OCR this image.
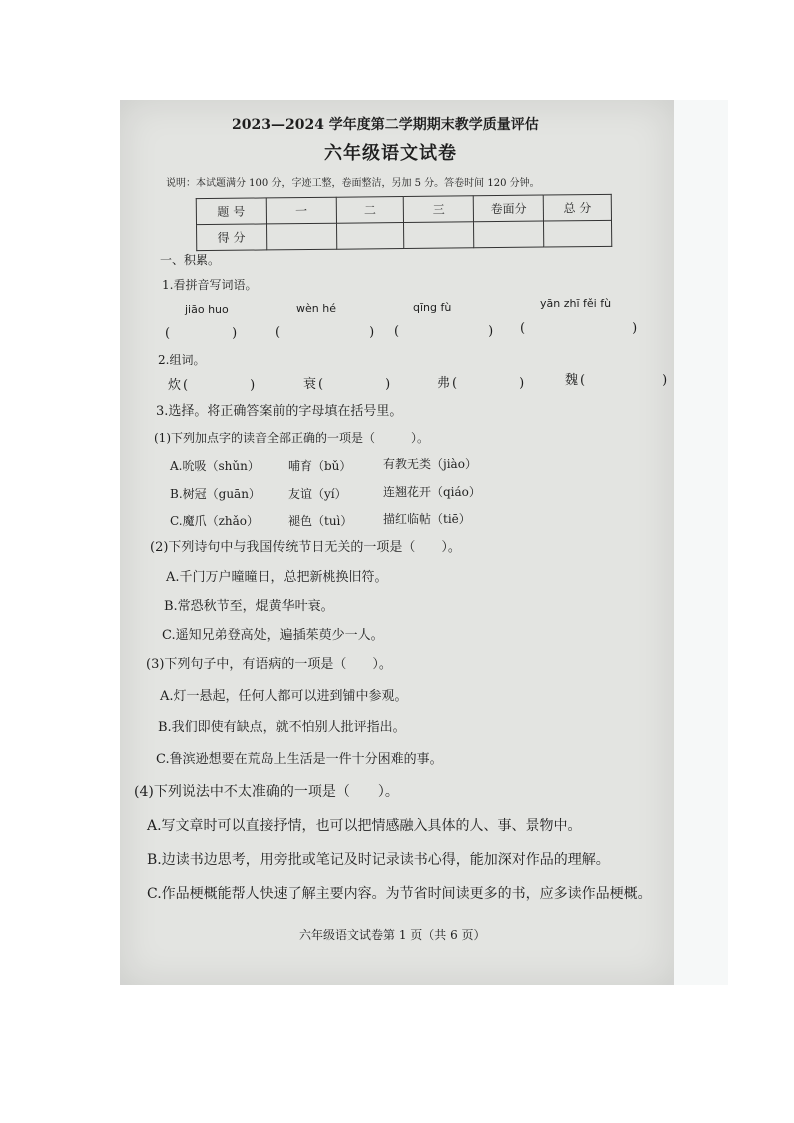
2023—2024 学年度第二学期期末教学质量评估
六年级语文试卷
说明：本试题满分 100 分，字迹工整，卷面整洁，另加 5 分。答卷时间 120 分钟。
题 号	一	二	三	卷面分	总 分
得 分					
一、积累。
1.看拼音写词语。
jiāo huo	wèn hé	qīng fù	yān zhī fěi fù
(　　　　)	(　　　　　) (　　　　　) (　　　　　　　)
2.组词。
炊(　　　　)	衰(　　　　)	弗(　　　　)	魏(　　　　　)
3.选择。将正确答案前的字母填在括号里。
(1)下列加点字的读音全部正确的一项是（　　　）。
A.吮吸（shǔn） 哺育（bǔ）	有教无类（jiào）
B.树冠（guān） 友谊（yí）	连翘花开（qiáo）
C.魔爪（zhǎo） 褪色（tuì）	描红临帖（tiē）
(2)下列诗句中与我国传统节日无关的一项是（　　）。
A.千门万户曈曈日，总把新桃换旧符。
B.常恐秋节至，焜黄华叶衰。
C.遥知兄弟登高处，遍插茱萸少一人。
(3)下列句子中，有语病的一项是（　　）。
A.灯一悬起，任何人都可以进到铺中参观。
B.我们即使有缺点，就不怕别人批评指出。
C.鲁滨逊想要在荒岛上生活是一件十分困难的事。
(4)下列说法中不太准确的一项是（　　）。
A.写文章时可以直接抒情，也可以把情感融入具体的人、事、景物中。
B.边读书边思考，用旁批或笔记及时记录读书心得，能加深对作品的理解。
C.作品梗概能帮人快速了解主要内容。为节省时间读更多的书，应多读作品梗概。
六年级语文试卷第 1 页（共 6 页）
